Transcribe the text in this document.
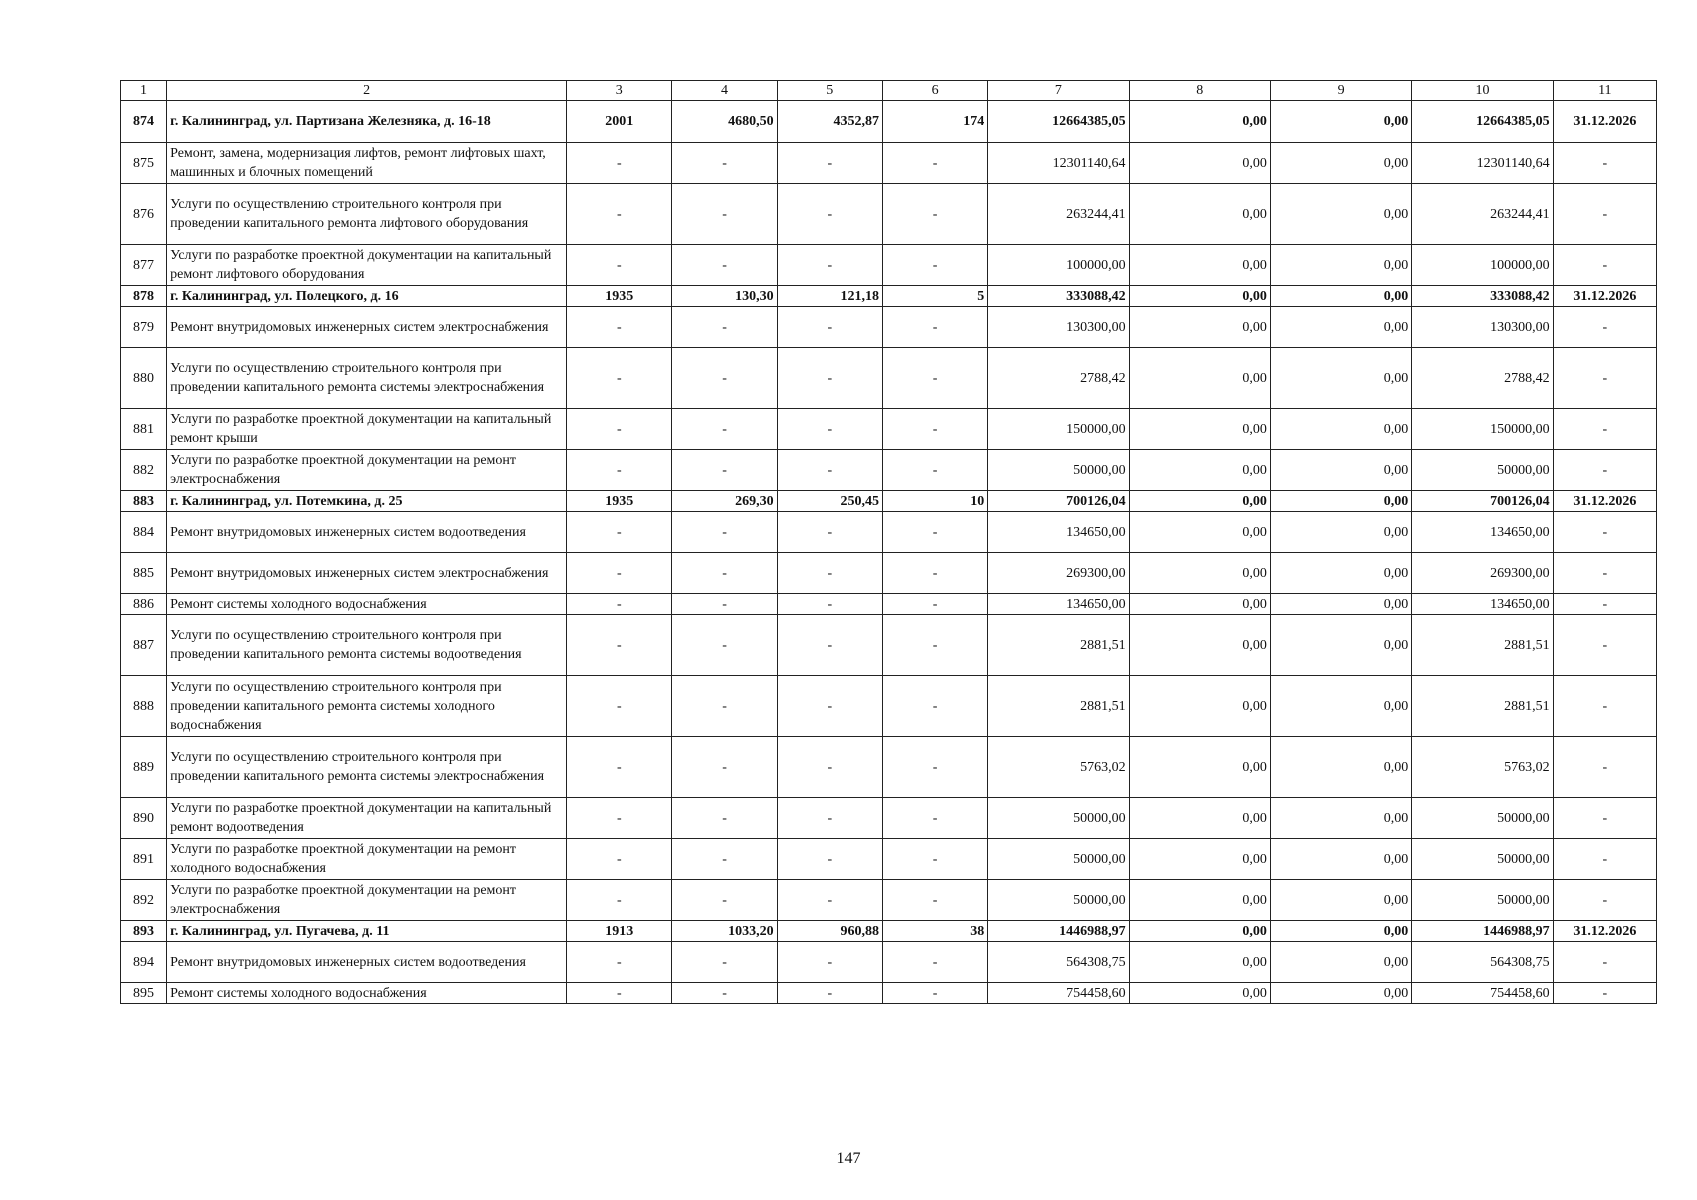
1	2	3	4	5	6	7	8	9	10	11
874	г. Калининград, ул. Партизана Железняка, д. 16-18	2001	4680,50	4352,87	174	12664385,05	0,00	0,00	12664385,05	31.12.2026
875	Ремонт, замена, модернизация лифтов, ремонт лифтовых шахт, машинных и блочных помещений	-	-	-	-	12301140,64	0,00	0,00	12301140,64	-
876	Услуги по осуществлению строительного контроля при проведении капитального ремонта лифтового оборудования	-	-	-	-	263244,41	0,00	0,00	263244,41	-
877	Услуги по разработке проектной документации на капитальный ремонт лифтового оборудования	-	-	-	-	100000,00	0,00	0,00	100000,00	-
878	г. Калининград, ул. Полецкого, д. 16	1935	130,30	121,18	5	333088,42	0,00	0,00	333088,42	31.12.2026
879	Ремонт внутридомовых инженерных систем электроснабжения	-	-	-	-	130300,00	0,00	0,00	130300,00	-
880	Услуги по осуществлению строительного контроля при проведении капитального ремонта системы электроснабжения	-	-	-	-	2788,42	0,00	0,00	2788,42	-
881	Услуги по разработке проектной документации на капитальный ремонт крыши	-	-	-	-	150000,00	0,00	0,00	150000,00	-
882	Услуги по разработке проектной документации на ремонт электроснабжения	-	-	-	-	50000,00	0,00	0,00	50000,00	-
883	г. Калининград, ул. Потемкина, д. 25	1935	269,30	250,45	10	700126,04	0,00	0,00	700126,04	31.12.2026
884	Ремонт внутридомовых инженерных систем водоотведения	-	-	-	-	134650,00	0,00	0,00	134650,00	-
885	Ремонт внутридомовых инженерных систем электроснабжения	-	-	-	-	269300,00	0,00	0,00	269300,00	-
886	Ремонт системы холодного водоснабжения	-	-	-	-	134650,00	0,00	0,00	134650,00	-
887	Услуги по осуществлению строительного контроля при проведении капитального ремонта системы водоотведения	-	-	-	-	2881,51	0,00	0,00	2881,51	-
888	Услуги по осуществлению строительного контроля при проведении капитального ремонта системы холодного водоснабжения	-	-	-	-	2881,51	0,00	0,00	2881,51	-
889	Услуги по осуществлению строительного контроля при проведении капитального ремонта системы электроснабжения	-	-	-	-	5763,02	0,00	0,00	5763,02	-
890	Услуги по разработке проектной документации на капитальный ремонт водоотведения	-	-	-	-	50000,00	0,00	0,00	50000,00	-
891	Услуги по разработке проектной документации на ремонт холодного водоснабжения	-	-	-	-	50000,00	0,00	0,00	50000,00	-
892	Услуги по разработке проектной документации на ремонт электроснабжения	-	-	-	-	50000,00	0,00	0,00	50000,00	-
893	г. Калининград, ул. Пугачева, д. 11	1913	1033,20	960,88	38	1446988,97	0,00	0,00	1446988,97	31.12.2026
894	Ремонт внутридомовых инженерных систем водоотведения	-	-	-	-	564308,75	0,00	0,00	564308,75	-
895	Ремонт системы холодного водоснабжения	-	-	-	-	754458,60	0,00	0,00	754458,60	-
147
